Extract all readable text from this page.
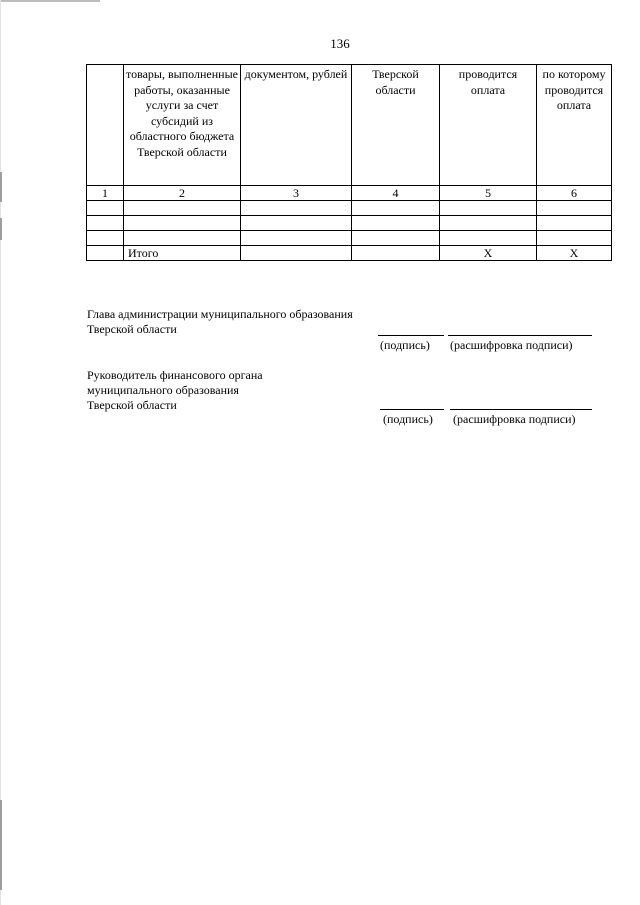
136
	товары, выполненные работы, оказанные услуги за счет субсидий из областного бюджета Тверской области	документом, рублей	Тверской области	проводится оплата	по которому проводится оплата
1	2	3	4	5	6

	Итого			Х	Х
Глава администрации муниципального образования
Тверской области
(подпись) (расшифровка подписи)
Руководитель финансового органа
муниципального образования
Тверской области
(подпись) (расшифровка подписи)
